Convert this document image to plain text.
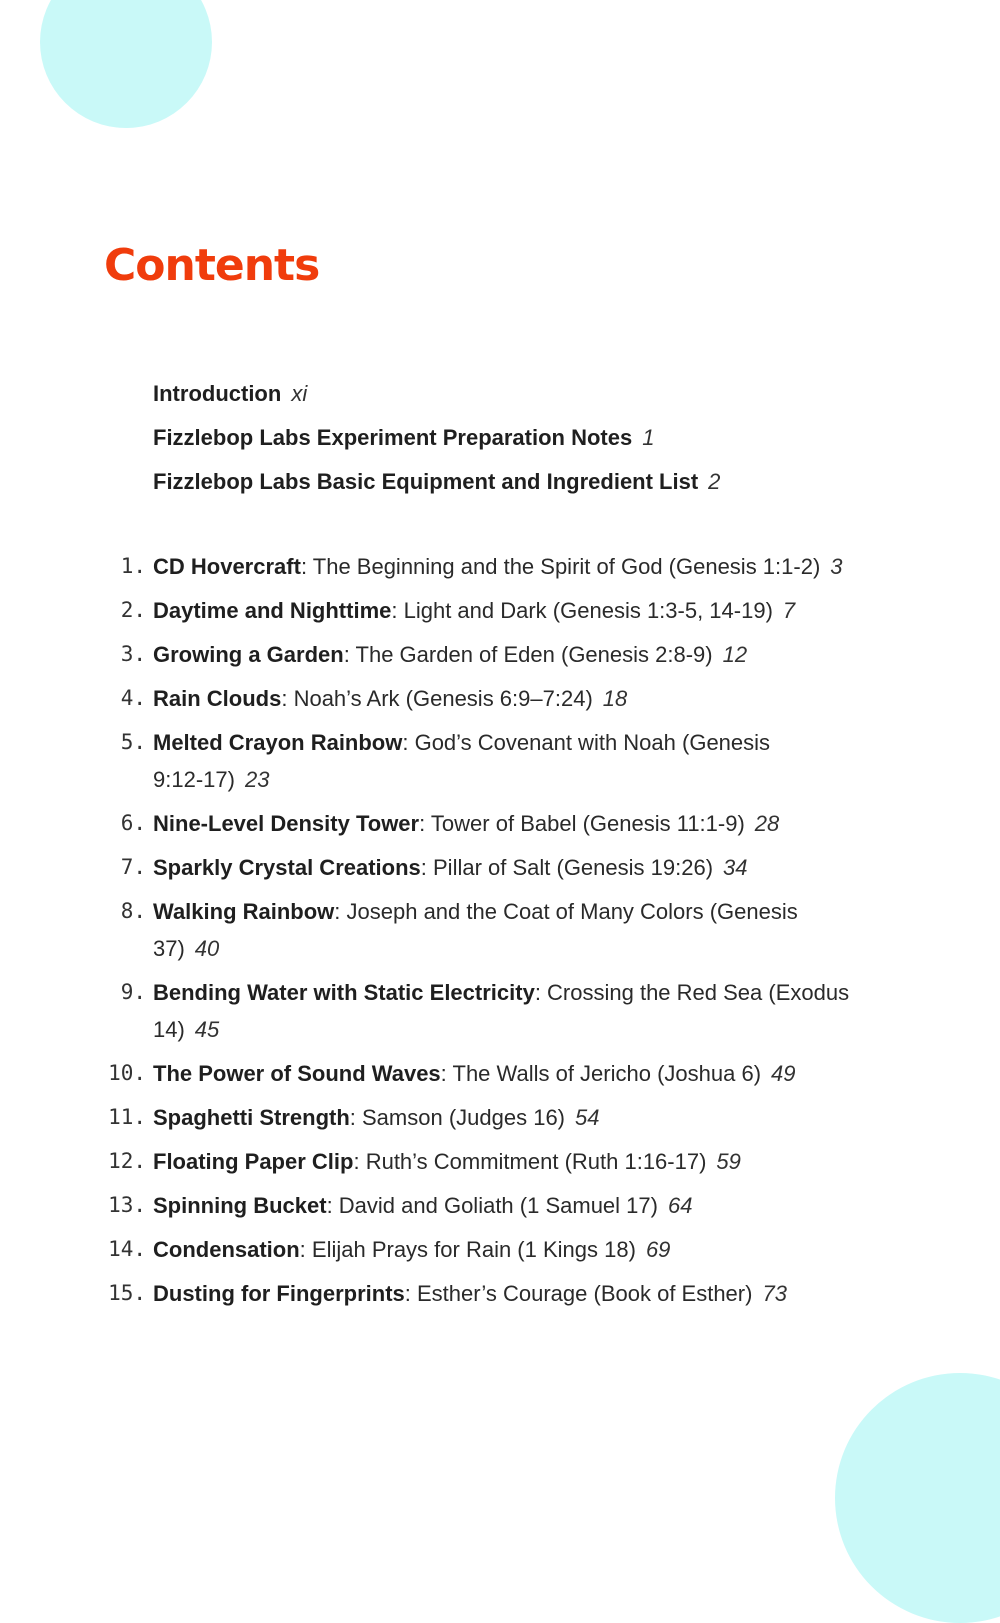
Contents
Introduction xi
Fizzlebop Labs Experiment Preparation Notes 1
Fizzlebop Labs Basic Equipment and Ingredient List 2
1. CD Hovercraft: The Beginning and the Spirit of God (Genesis 1:1-2) 3
2. Daytime and Nighttime: Light and Dark (Genesis 1:3-5, 14-19) 7
3. Growing a Garden: The Garden of Eden (Genesis 2:8-9) 12
4. Rain Clouds: Noah’s Ark (Genesis 6:9–7:24) 18
5. Melted Crayon Rainbow: God’s Covenant with Noah (Genesis 9:12-17) 23
6. Nine-Level Density Tower: Tower of Babel (Genesis 11:1-9) 28
7. Sparkly Crystal Creations: Pillar of Salt (Genesis 19:26) 34
8. Walking Rainbow: Joseph and the Coat of Many Colors (Genesis 37) 40
9. Bending Water with Static Electricity: Crossing the Red Sea (Exodus 14) 45
10. The Power of Sound Waves: The Walls of Jericho (Joshua 6) 49
11. Spaghetti Strength: Samson (Judges 16) 54
12. Floating Paper Clip: Ruth’s Commitment (Ruth 1:16-17) 59
13. Spinning Bucket: David and Goliath (1 Samuel 17) 64
14. Condensation: Elijah Prays for Rain (1 Kings 18) 69
15. Dusting for Fingerprints: Esther’s Courage (Book of Esther) 73
